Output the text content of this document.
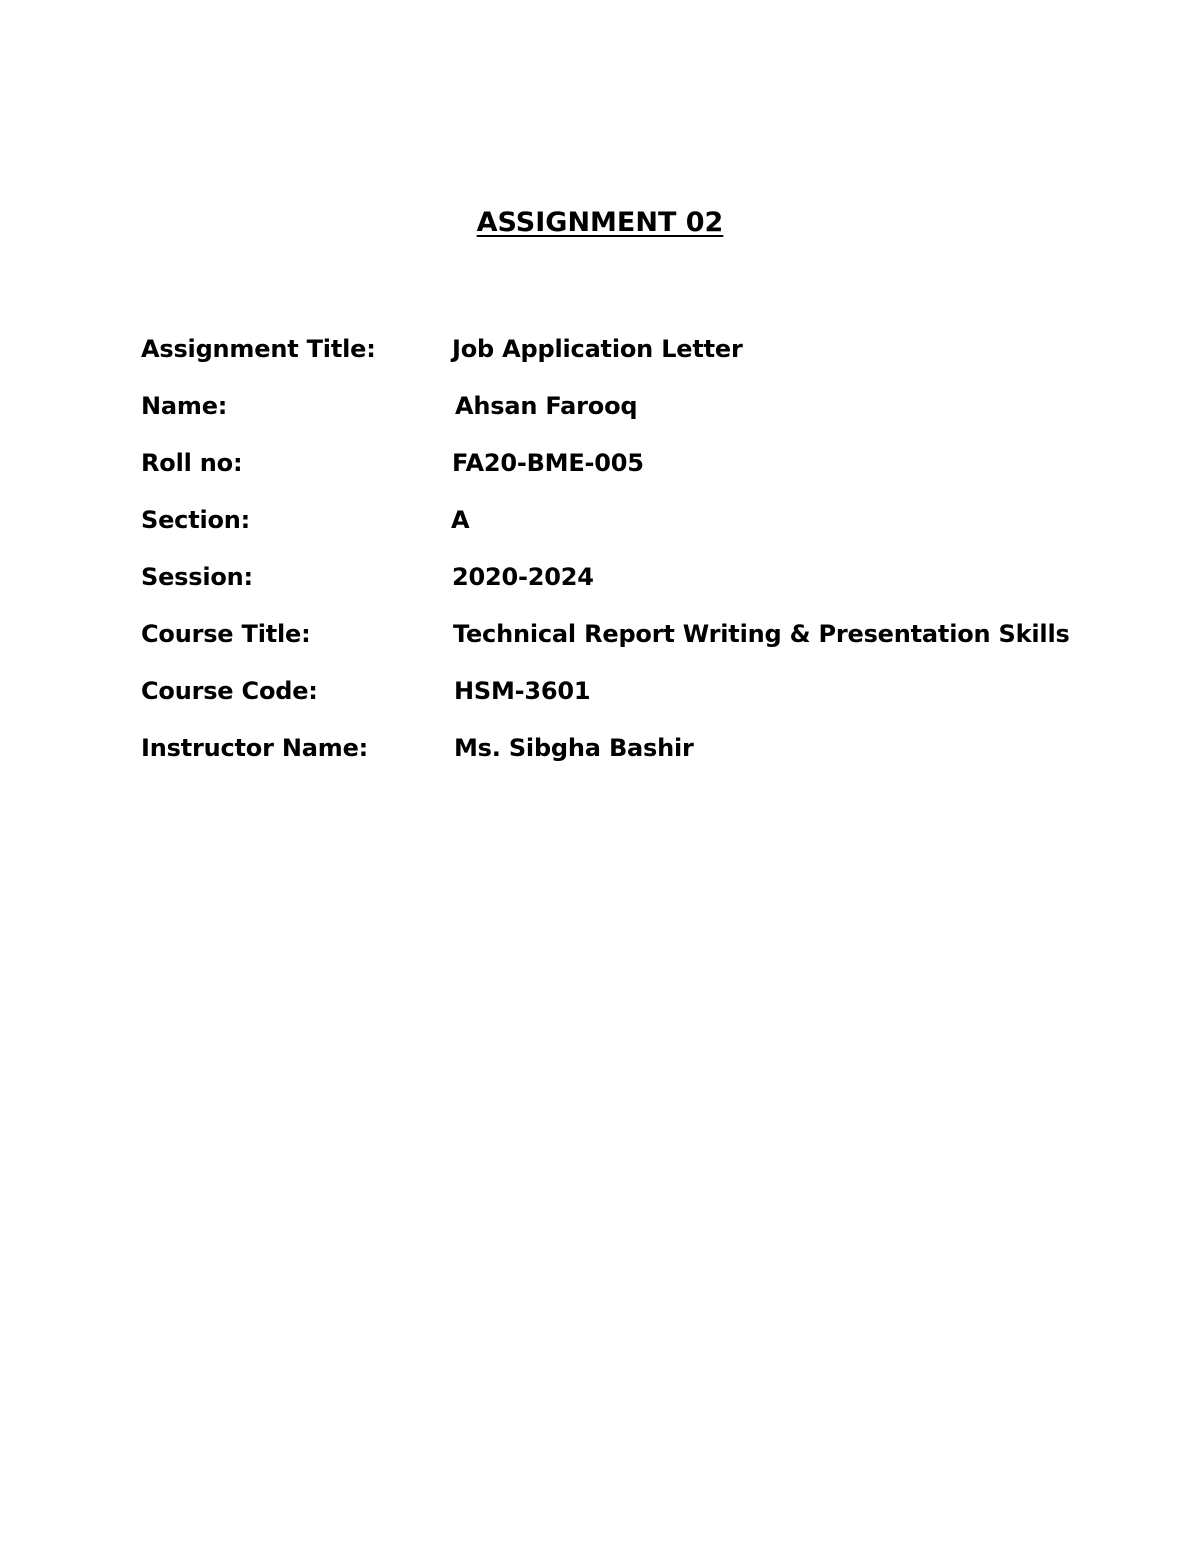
ASSIGNMENT 02
Assignment Title:	Job Application Letter
Name:	Ahsan Farooq
Roll no:	FA20-BME-005
Section:	A
Session:	2020-2024
Course Title:	Technical Report Writing & Presentation Skills
Course Code:	HSM-3601
Instructor Name:	Ms. Sibgha Bashir
